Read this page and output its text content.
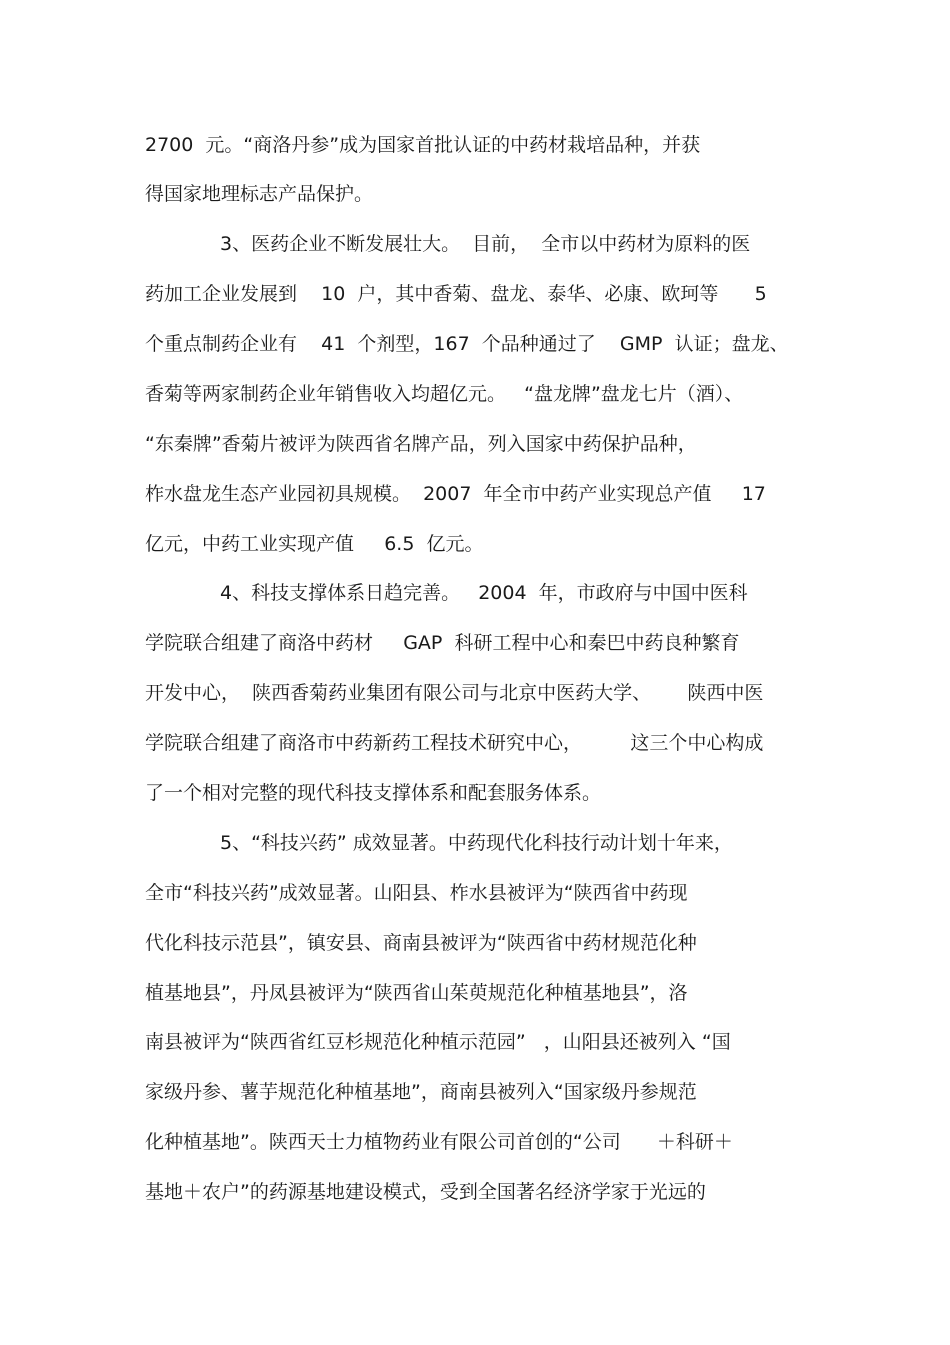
2700  元。“商洛丹参”成为国家首批认证的中药材栽培品种，并获
得国家地理标志产品保护。
3、医药企业不断发展壮大。  目前，  全市以中药材为原料的医
药加工企业发展到    10  户，其中香菊、盘龙、泰华、必康、欧珂等      5
个重点制药企业有    41  个剂型，167  个品种通过了    GMP  认证；盘龙、
香菊等两家制药企业年销售收入均超亿元。   “盘龙牌”盘龙七片（酒）、
“东秦牌”香菊片被评为陕西省名牌产品，列入国家中药保护品种，
柞水盘龙生态产业园初具规模。  2007  年全市中药产业实现总产值     17
亿元，中药工业实现产值     6.5  亿元。
4、科技支撑体系日趋完善。   2004  年，市政府与中国中医科
学院联合组建了商洛中药材     GAP  科研工程中心和秦巴中药良种繁育
开发中心，  陕西香菊药业集团有限公司与北京中医药大学、      陕西中医
学院联合组建了商洛市中药新药工程技术研究中心，        这三个中心构成
了一个相对完整的现代科技支撑体系和配套服务体系。
5、“科技兴药” 成效显著。中药现代化科技行动计划十年来，
全市“科技兴药”成效显著。山阳县、柞水县被评为“陕西省中药现
代化科技示范县”，镇安县、商南县被评为“陕西省中药材规范化种
植基地县”，丹凤县被评为“陕西省山茱萸规范化种植基地县”，洛
南县被评为“陕西省红豆杉规范化种植示范园”   ，山阳县还被列入 “国
家级丹参、薯芋规范化种植基地”，商南县被列入“国家级丹参规范
化种植基地”。陕西天士力植物药业有限公司首创的“公司      ＋科研＋
基地＋农户”的药源基地建设模式，受到全国著名经济学家于光远的
